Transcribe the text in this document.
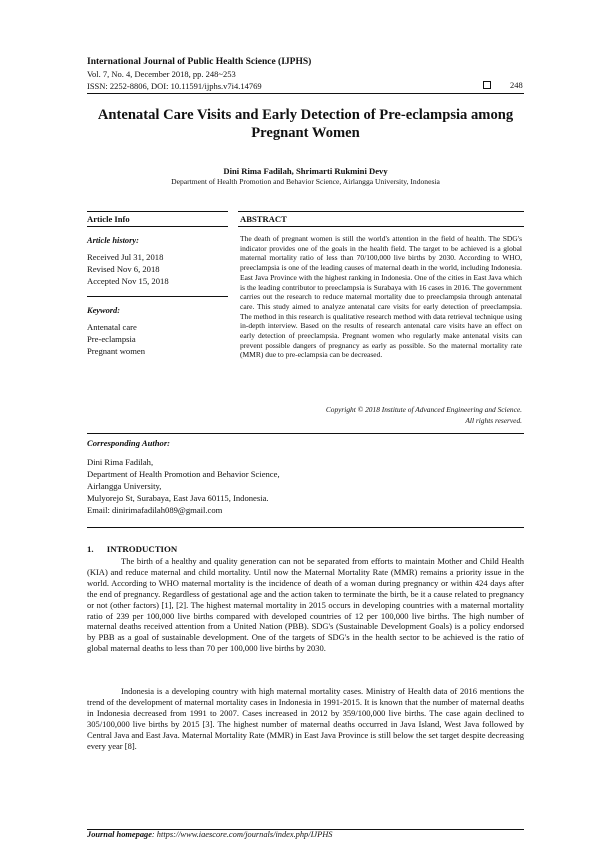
International Journal of Public Health Science (IJPHS)
Vol. 7, No. 4, December 2018, pp. 248~253
ISSN: 2252-8806, DOI: 10.11591/ijphs.v7i4.14769	248
Antenatal Care Visits and Early Detection of Pre-eclampsia among Pregnant Women
Dini Rima Fadilah, Shrimarti Rukmini Devy
Department of Health Promotion and Behavior Science, Airlangga University, Indonesia
Article Info	ABSTRACT
Article history:
Received Jul 31, 2018
Revised Nov 6, 2018
Accepted Nov 15, 2018
Keyword:
Antenatal care
Pre-eclampsia
Pregnant women
The death of pregnant women is still the world's attention in the field of health. The SDG's indicator provides one of the goals in the health field. The target to be achieved is a global maternal mortality ratio of less than 70/100,000 live births by 2030. According to WHO, preeclampsia is one of the leading causes of maternal death in the world, including Indonesia. East Java Province with the highest ranking in Indonesia. One of the cities in East Java which is the leading contributor to preeclampsia is Surabaya with 16 cases in 2016. The government carries out the research to reduce maternal mortality due to preeclampsia through antenatal care. This study aimed to analyze antenatal care visits for early detection of preeclampsia. The method in this research is qualitative research method with data retrieval technique using in-depth interview. Based on the results of research antenatal care visits have an effect on early detection of preeclampsia. Pregnant women who regularly make antenatal visits can prevent possible dangers of pregnancy as early as possible. So the maternal mortality rate (MMR) due to pre-eclampsia can be decreased.
Copyright © 2018 Institute of Advanced Engineering and Science.
All rights reserved.
Corresponding Author:
Dini Rima Fadilah,
Department of Health Promotion and Behavior Science,
Airlangga University,
Mulyorejo St, Surabaya, East Java 60115, Indonesia.
Email: dinirimafadilah089@gmail.com
1.      INTRODUCTION
The birth of a healthy and quality generation can not be separated from efforts to maintain Mother and Child Health (KIA) and reduce maternal and child mortality. Until now the Maternal Mortality Rate (MMR) remains a priority issue in the world. According to WHO maternal mortality is the incidence of death of a woman during pregnancy or within 424 days after the end of pregnancy. Regardless of gestational age and the action taken to terminate the birth, be it a cause related to pregnancy or not (other factors) [1], [2]. The highest maternal mortality in 2015 occurs in developing countries with a maternal mortality ratio of 239 per 100,000 live births compared with developed countries of 12 per 100,000 live births. The high number of maternal deaths received attention from a United Nation (PBB). SDG's (Sustainable Development Goals) is a policy endorsed by PBB as a goal of sustainable development. One of the targets of SDG's in the health sector to be achieved is the ratio of global maternal deaths to less than 70 per 100,000 live births by 2030.
Indonesia is a developing country with high maternal mortality cases. Ministry of Health data of 2016 mentions the trend of the development of maternal mortality cases in Indonesia in 1991-2015. It is known that the number of maternal deaths in Indonesia decreased from 1991 to 2007. Cases increased in 2012 by 359/100,000 live births. The case again declined to 305/100,000 live births by 2015 [3]. The highest number of maternal deaths occurred in Java Island, West Java followed by Central Java and East Java. Maternal Mortality Rate (MMR) in East Java Province is still below the set target despite decreasing every year [8].
Journal homepage: https://www.iaescore.com/journals/index.php/IJPHS
